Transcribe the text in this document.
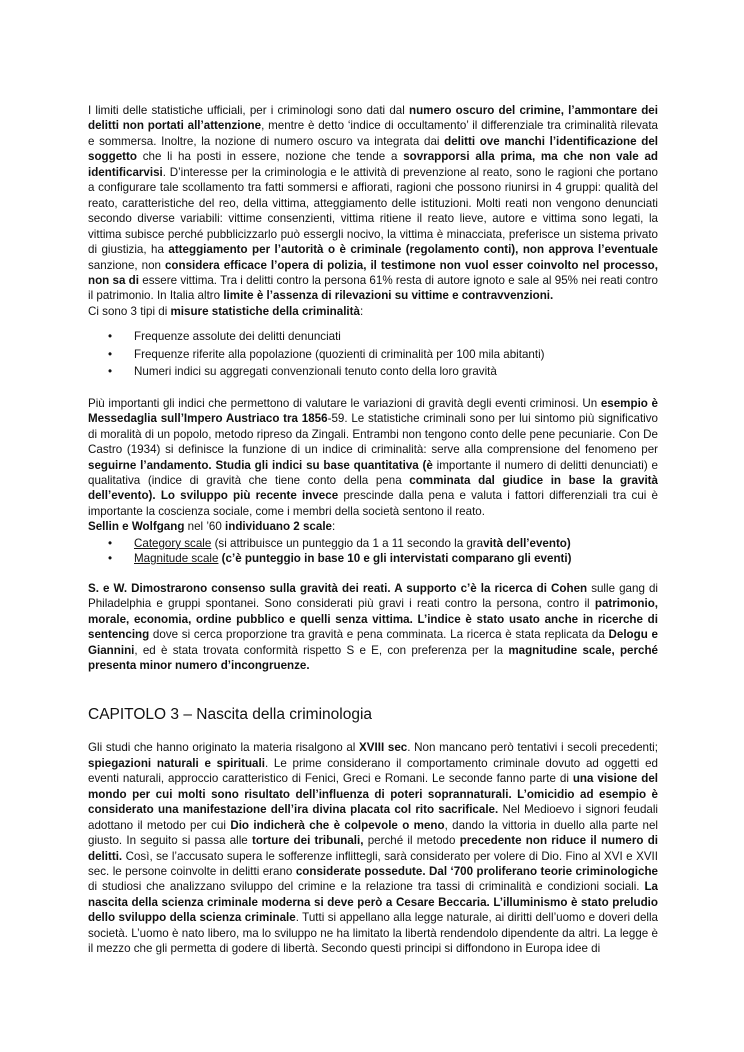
I limiti delle statistiche ufficiali, per i criminologi sono dati dal numero oscuro del crimine, l’ammontare dei delitti non portati all’attenzione, mentre è detto ‘indice di occultamento’ il differenziale tra criminalità rilevata e sommersa. Inoltre, la nozione di numero oscuro va integrata dai delitti ove manchi l’identificazione del soggetto che li ha posti in essere, nozione che tende a sovrapporsi alla prima, ma che non vale ad identificarvisi. D’interesse per la criminologia e le attività di prevenzione al reato, sono le ragioni che portano a configurare tale scollamento tra fatti sommersi e affiorati, ragioni che possono riunirsi in 4 gruppi: qualità del reato, caratteristiche del reo, della vittima, atteggiamento delle istituzioni. Molti reati non vengono denunciati secondo diverse variabili: vittime consenzienti, vittima ritiene il reato lieve, autore e vittima sono legati, la vittima subisce perché pubblicizzarlo può essergli nocivo, la vittima è minacciata, preferisce un sistema privato di giustizia, ha atteggiamento per l’autorità o è criminale (regolamento conti), non approva l’eventuale sanzione, non considera efficace l’opera di polizia, il testimone non vuol esser coinvolto nel processo, non sa di essere vittima. Tra i delitti contro la persona 61% resta di autore ignoto e sale al 95% nei reati contro il patrimonio. In Italia altro limite è l’assenza di rilevazioni su vittime e contravvenzioni.

Ci sono 3 tipi di misure statistiche della criminalità:

• Frequenze assolute dei delitti denunciati
• Frequenze riferite alla popolazione (quozienti di criminalità per 100 mila abitanti)
• Numeri indici su aggregati convenzionali tenuto conto della loro gravità

Più importanti gli indici che permettono di valutare le variazioni di gravità degli eventi criminosi. Un esempio è Messedaglia sull’Impero Austriaco tra 1856-59. Le statistiche criminali sono per lui sintomo più significativo di moralità di un popolo, metodo ripreso da Zingali. Entrambi non tengono conto delle pene pecuniarie. Con De Castro (1934) si definisce la funzione di un indice di criminalità: serve alla comprensione del fenomeno per seguirne l’andamento. Studia gli indici su base quantitativa (è importante il numero di delitti denunciati) e qualitativa (indice di gravità che tiene conto della pena comminata dal giudice in base la gravità dell’evento). Lo sviluppo più recente invece prescinde dalla pena e valuta i fattori differenziali tra cui è importante la coscienza sociale, come i membri della società sentono il reato.

Sellin e Wolfgang nel ’60 individuano 2 scale:

• Category scale (si attribuisce un punteggio da 1 a 11 secondo la gravità dell’evento)
• Magnitude scale (c’è punteggio in base 10 e gli intervistati comparano gli eventi)

S. e W. Dimostrarono consenso sulla gravità dei reati. A supporto c’è la ricerca di Cohen sulle gang di Philadelphia e gruppi spontanei. Sono considerati più gravi i reati contro la persona, contro il patrimonio, morale, economia, ordine pubblico e quelli senza vittima. L’indice è stato usato anche in ricerche di sentencing dove si cerca proporzione tra gravità e pena comminata. La ricerca è stata replicata da Delogu e Giannini, ed è stata trovata conformità rispetto S e E, con preferenza per la magnitudine scale, perché presenta minor numero d’incongruenze.

CAPITOLO 3 – Nascita della criminologia

Gli studi che hanno originato la materia risalgono al XVIII sec. Non mancano però tentativi i secoli precedenti; spiegazioni naturali e spirituali. Le prime considerano il comportamento criminale dovuto ad oggetti ed eventi naturali, approccio caratteristico di Fenici, Greci e Romani. Le seconde fanno parte di una visione del mondo per cui molti sono risultato dell’influenza di poteri soprannaturali. L’omicidio ad esempio è considerato una manifestazione dell’ira divina placata col rito sacrificale. Nel Medioevo i signori feudali adottano il metodo per cui Dio indicherà che è colpevole o meno, dando la vittoria in duello alla parte nel giusto. In seguito si passa alle torture dei tribunali, perché il metodo precedente non riduce il numero di delitti. Così, se l’accusato supera le sofferenze inflittegli, sarà considerato per volere di Dio. Fino al XVI e XVII sec. le persone coinvolte in delitti erano considerate possedute. Dal ‘700 proliferano teorie criminologiche di studiosi che analizzano sviluppo del crimine e la relazione tra tassi di criminalità e condizioni sociali. La nascita della scienza criminale moderna si deve però a Cesare Beccaria. L’illuminismo è stato preludio dello sviluppo della scienza criminale. Tutti si appellano alla legge naturale, ai diritti dell’uomo e doveri della società. L’uomo è nato libero, ma lo sviluppo ne ha limitato la libertà rendendolo dipendente da altri. La legge è il mezzo che gli permetta di godere di libertà. Secondo questi principi si diffondono in Europa idee di
